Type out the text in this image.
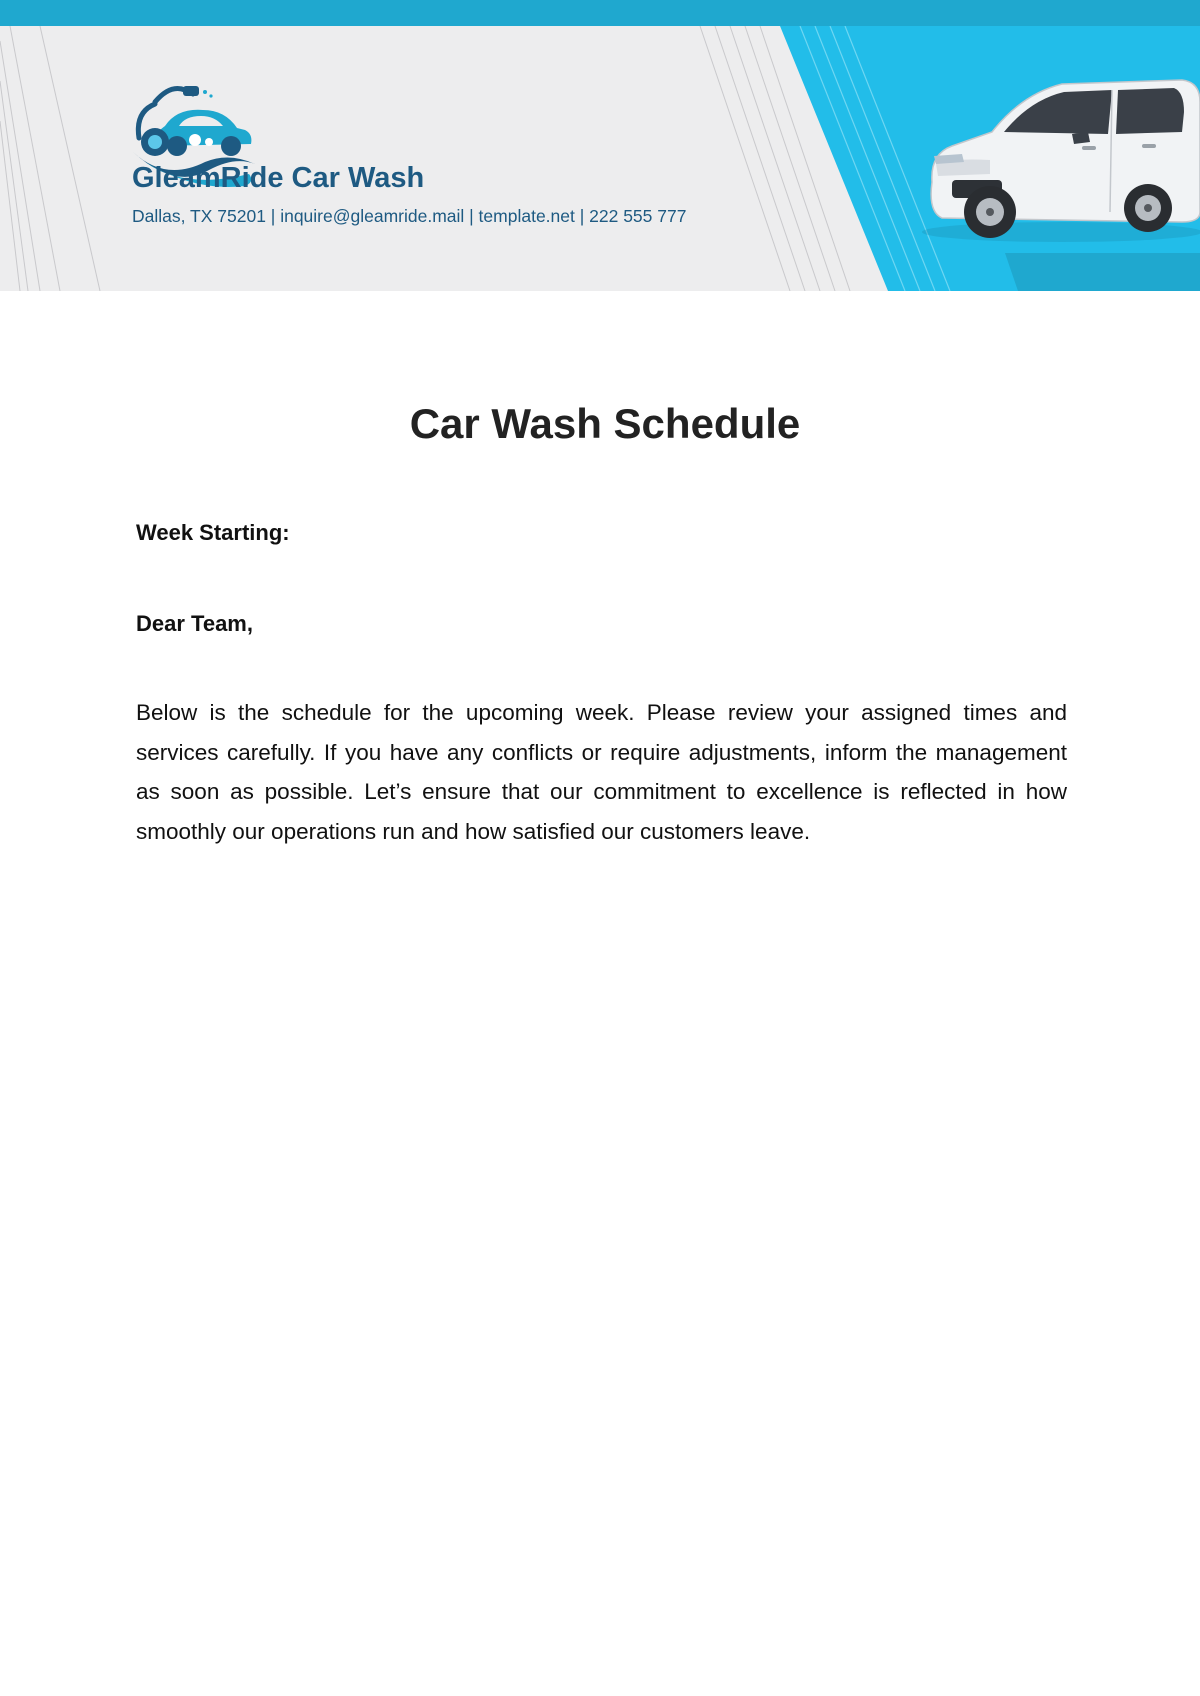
GleamRide Car Wash
Dallas, TX 75201 | inquire@gleamride.mail | template.net | 222 555 777
Car Wash Schedule
Week Starting:
Dear Team,

Below is the schedule for the upcoming week. Please review your assigned times and services carefully. If you have any conflicts or require adjustments, inform the management as soon as possible. Let’s ensure that our commitment to excellence is reflected in how smoothly our operations run and how satisfied our customers leave.
